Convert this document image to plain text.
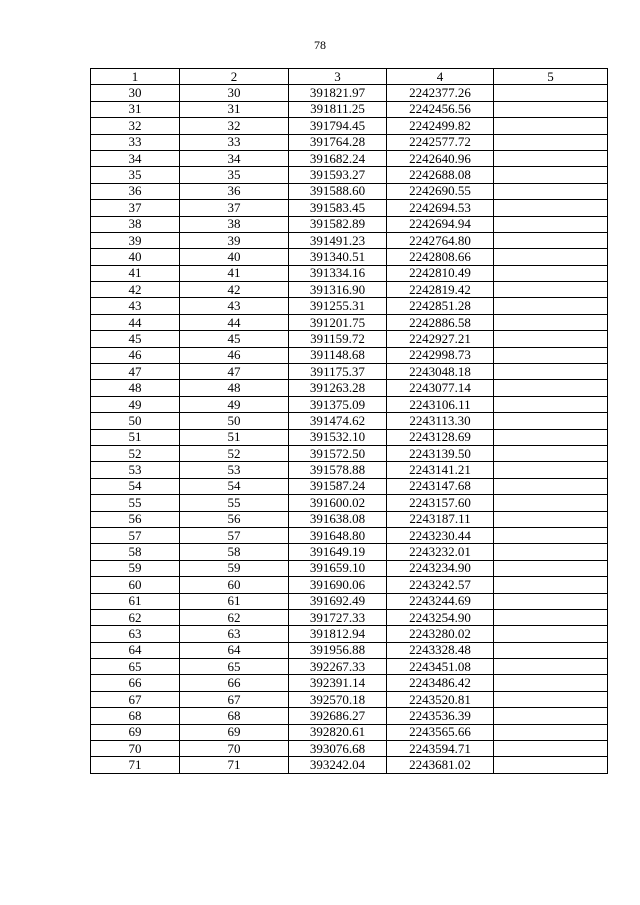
78
1	2	3	4	5
30	30	391821.97	2242377.26	
31	31	391811.25	2242456.56	
32	32	391794.45	2242499.82	
33	33	391764.28	2242577.72	
34	34	391682.24	2242640.96	
35	35	391593.27	2242688.08	
36	36	391588.60	2242690.55	
37	37	391583.45	2242694.53	
38	38	391582.89	2242694.94	
39	39	391491.23	2242764.80	
40	40	391340.51	2242808.66	
41	41	391334.16	2242810.49	
42	42	391316.90	2242819.42	
43	43	391255.31	2242851.28	
44	44	391201.75	2242886.58	
45	45	391159.72	2242927.21	
46	46	391148.68	2242998.73	
47	47	391175.37	2243048.18	
48	48	391263.28	2243077.14	
49	49	391375.09	2243106.11	
50	50	391474.62	2243113.30	
51	51	391532.10	2243128.69	
52	52	391572.50	2243139.50	
53	53	391578.88	2243141.21	
54	54	391587.24	2243147.68	
55	55	391600.02	2243157.60	
56	56	391638.08	2243187.11	
57	57	391648.80	2243230.44	
58	58	391649.19	2243232.01	
59	59	391659.10	2243234.90	
60	60	391690.06	2243242.57	
61	61	391692.49	2243244.69	
62	62	391727.33	2243254.90	
63	63	391812.94	2243280.02	
64	64	391956.88	2243328.48	
65	65	392267.33	2243451.08	
66	66	392391.14	2243486.42	
67	67	392570.18	2243520.81	
68	68	392686.27	2243536.39	
69	69	392820.61	2243565.66	
70	70	393076.68	2243594.71	
71	71	393242.04	2243681.02	
